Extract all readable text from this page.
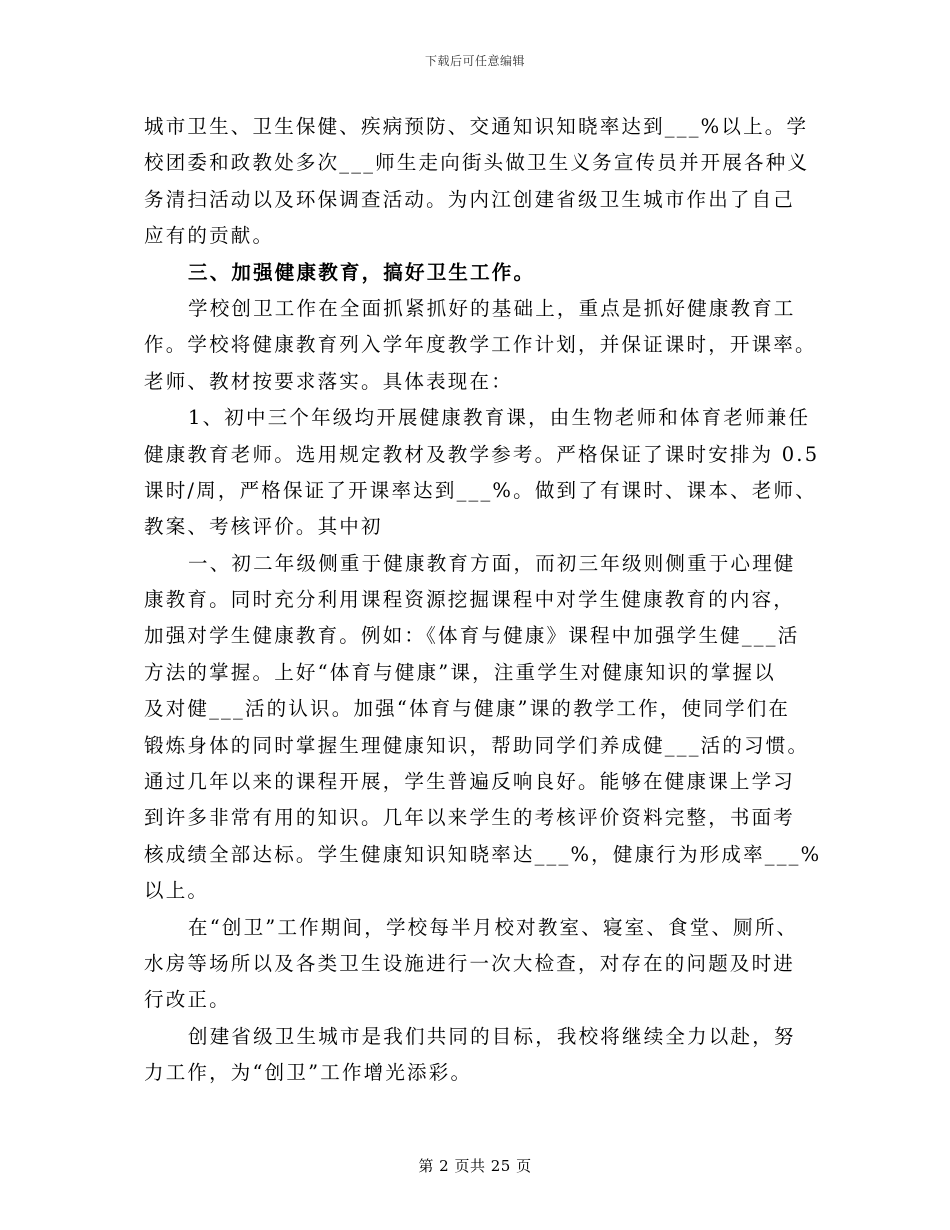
下载后可任意编辑
城市卫生、卫生保健、疾病预防、交通知识知晓率达到___%以上。学
校团委和政教处多次___师生走向街头做卫生义务宣传员并开展各种义
务清扫活动以及环保调查活动。为内江创建省级卫生城市作出了自己
应有的贡献。
三、加强健康教育，搞好卫生工作。
学校创卫工作在全面抓紧抓好的基础上，重点是抓好健康教育工
作。学校将健康教育列入学年度教学工作计划，并保证课时，开课率。
老师、教材按要求落实。具体表现在：
1、初中三个年级均开展健康教育课，由生物老师和体育老师兼任
健康教育老师。选用规定教材及教学参考。严格保证了课时安排为 0.5
课时/周，严格保证了开课率达到___%。做到了有课时、课本、老师、
教案、考核评价。其中初
一、初二年级侧重于健康教育方面，而初三年级则侧重于心理健
康教育。同时充分利用课程资源挖掘课程中对学生健康教育的内容，
加强对学生健康教育。例如：《体育与健康》课程中加强学生健___活
方法的掌握。上好“体育与健康”课，注重学生对健康知识的掌握以
及对健___活的认识。加强“体育与健康”课的教学工作，使同学们在
锻炼身体的同时掌握生理健康知识，帮助同学们养成健___活的习惯。
通过几年以来的课程开展，学生普遍反响良好。能够在健康课上学习
到许多非常有用的知识。几年以来学生的考核评价资料完整，书面考
核成绩全部达标。学生健康知识知晓率达___%，健康行为形成率___%
以上。
在“创卫”工作期间，学校每半月校对教室、寝室、食堂、厕所、
水房等场所以及各类卫生设施进行一次大检查，对存在的问题及时进
行改正。
创建省级卫生城市是我们共同的目标，我校将继续全力以赴，努
力工作，为“创卫”工作增光添彩。
第 2 页共 25 页
